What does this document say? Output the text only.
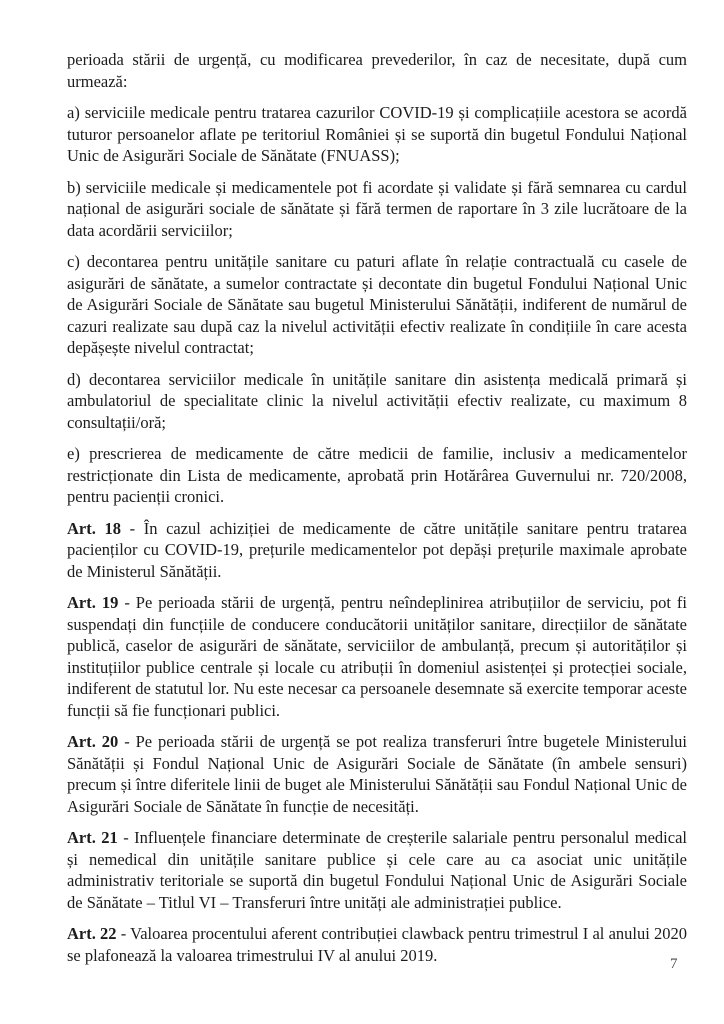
perioada stării de urgență, cu modificarea prevederilor, în caz de necesitate, după cum urmează:

a) serviciile medicale pentru tratarea cazurilor COVID-19 și complicațiile acestora se acordă tuturor persoanelor aflate pe teritoriul României și se suportă din bugetul Fondului Național Unic de Asigurări Sociale de Sănătate (FNUASS);

b) serviciile medicale și medicamentele pot fi acordate și validate și fără semnarea cu cardul național de asigurări sociale de sănătate și fără termen de raportare în 3 zile lucrătoare de la data acordării serviciilor;

c) decontarea pentru unitățile sanitare cu paturi aflate în relație contractuală cu casele de asigurări de sănătate, a sumelor contractate și decontate din bugetul Fondului Național Unic de Asigurări Sociale de Sănătate sau bugetul Ministerului Sănătății, indiferent de numărul de cazuri realizate sau după caz la nivelul activității efectiv realizate în condițiile în care acesta depășește nivelul contractat;

d) decontarea serviciilor medicale în unitățile sanitare din asistența medicală primară și ambulatoriul de specialitate clinic la nivelul activității efectiv realizate, cu maximum 8 consultații/oră;

e) prescrierea de medicamente de către medicii de familie, inclusiv a medicamentelor restricționate din Lista de medicamente, aprobată prin Hotărârea Guvernului nr. 720/2008, pentru pacienții cronici.

Art. 18 - În cazul achiziției de medicamente de către unitățile sanitare pentru tratarea pacienților cu COVID-19, prețurile medicamentelor pot depăși prețurile maximale aprobate de Ministerul Sănătății.

Art. 19 - Pe perioada stării de urgență, pentru neîndeplinirea atribuțiilor de serviciu, pot fi suspendați din funcțiile de conducere conducătorii unităților sanitare, direcțiilor de sănătate publică, caselor de asigurări de sănătate, serviciilor de ambulanță, precum și autorităților și instituțiilor publice centrale și locale cu atribuții în domeniul asistenței și protecției sociale, indiferent de statutul lor. Nu este necesar ca persoanele desemnate să exercite temporar aceste funcții să fie funcționari publici.

Art. 20 - Pe perioada stării de urgență se pot realiza transferuri între bugetele Ministerului Sănătății și Fondul Național Unic de Asigurări Sociale de Sănătate (în ambele sensuri) precum și între diferitele linii de buget ale Ministerului Sănătății sau Fondul Național Unic de Asigurări Sociale de Sănătate în funcție de necesități.

Art. 21 - Influențele financiare determinate de creșterile salariale pentru personalul medical și nemedical din unitățile sanitare publice și cele care au ca asociat unic unitățile administrativ teritoriale se suportă din bugetul Fondului Național Unic de Asigurări Sociale de Sănătate – Titlul VI – Transferuri între unități ale administrației publice.

Art. 22 - Valoarea procentului aferent contribuției clawback pentru trimestrul I al anului 2020 se plafonează la valoarea trimestrului IV al anului 2019.	7
